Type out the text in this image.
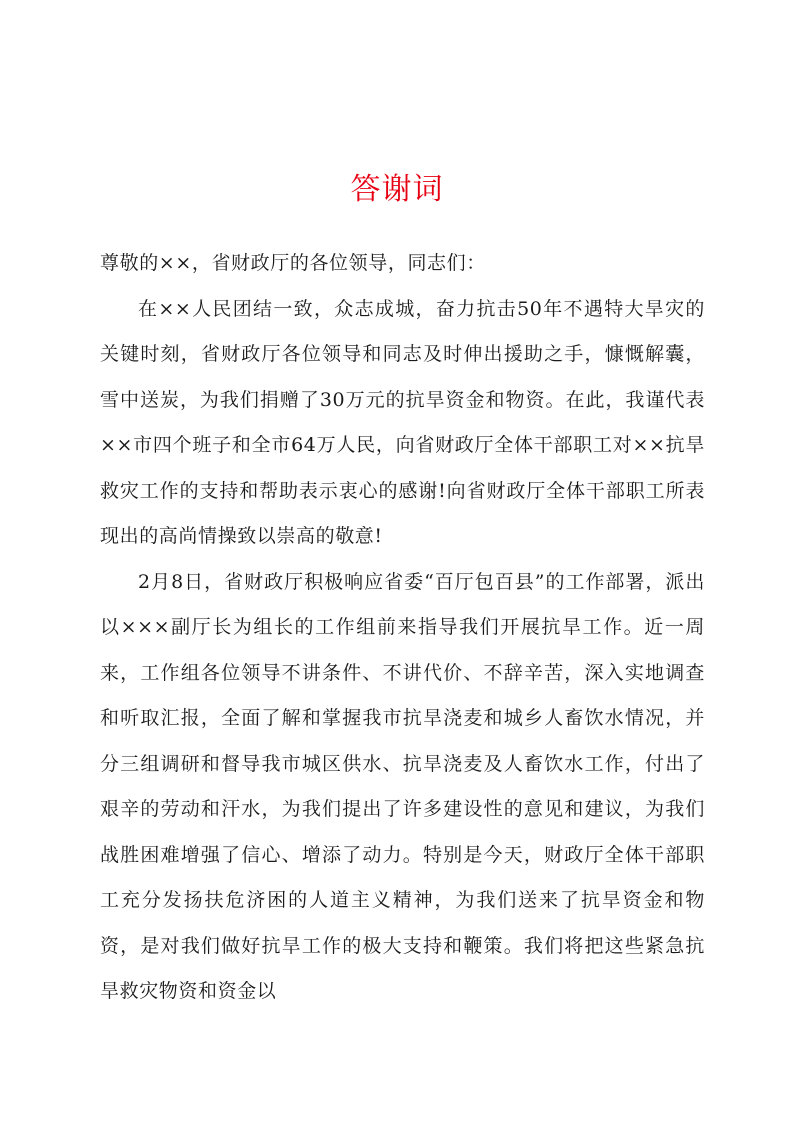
答谢词

尊敬的××，省财政厅的各位领导，同志们：

在××人民团结一致，众志成城，奋力抗击50年不遇特大旱灾的关键时刻，省财政厅各位领导和同志及时伸出援助之手，慷慨解囊，雪中送炭，为我们捐赠了30万元的抗旱资金和物资。在此，我谨代表××市四个班子和全市64万人民，向省财政厅全体干部职工对××抗旱救灾工作的支持和帮助表示衷心的感谢!向省财政厅全体干部职工所表现出的高尚情操致以崇高的敬意!

2月8日，省财政厅积极响应省委“百厅包百县”的工作部署，派出以×××副厅长为组长的工作组前来指导我们开展抗旱工作。近一周来，工作组各位领导不讲条件、不讲代价、不辞辛苦，深入实地调查和听取汇报，全面了解和掌握我市抗旱浇麦和城乡人畜饮水情况，并分三组调研和督导我市城区供水、抗旱浇麦及人畜饮水工作，付出了艰辛的劳动和汗水，为我们提出了许多建设性的意见和建议，为我们战胜困难增强了信心、增添了动力。特别是今天，财政厅全体干部职工充分发扬扶危济困的人道主义精神，为我们送来了抗旱资金和物资，是对我们做好抗旱工作的极大支持和鞭策。我们将把这些紧急抗旱救灾物资和资金以
